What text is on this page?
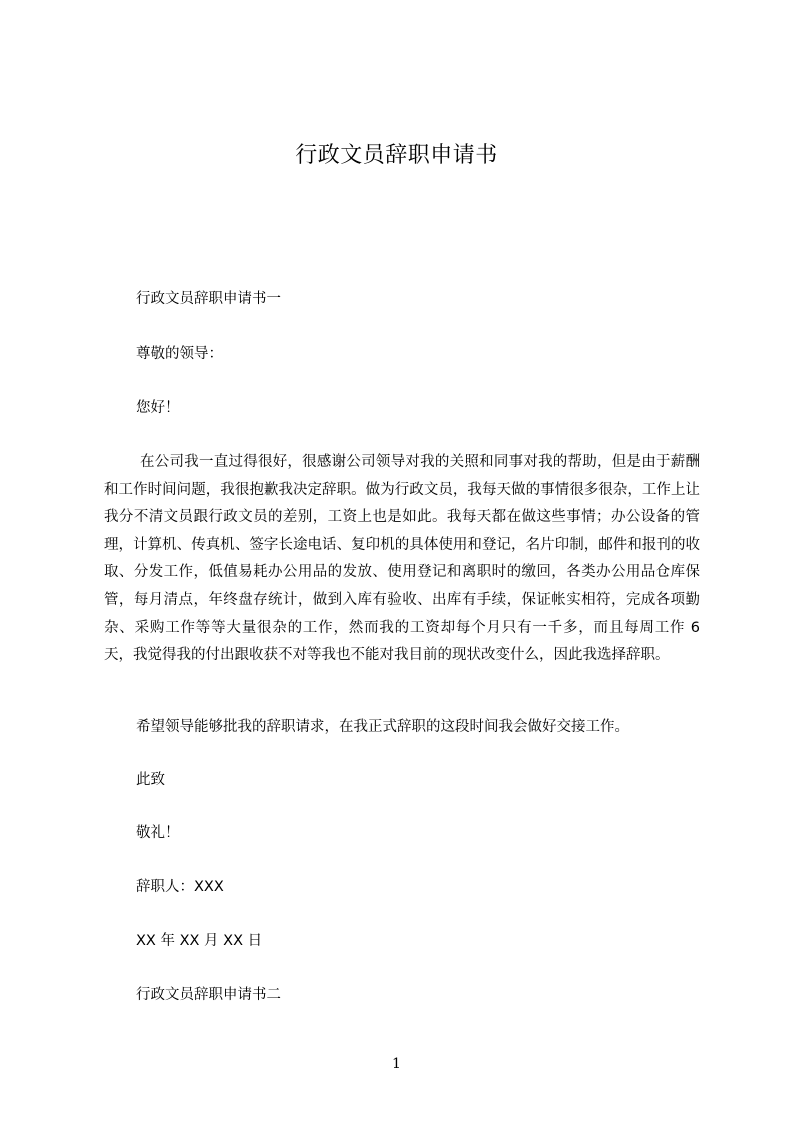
行政文员辞职申请书
行政文员辞职申请书一
尊敬的领导：
您好！
在公司我一直过得很好，很感谢公司领导对我的关照和同事对我的帮助，但是由于薪酬和工作时间问题，我很抱歉我决定辞职。做为行政文员，我每天做的事情很多很杂，工作上让我分不清文员跟行政文员的差别，工资上也是如此。我每天都在做这些事情；办公设备的管理，计算机、传真机、签字长途电话、复印机的具体使用和登记，名片印制，邮件和报刊的收取、分发工作，低值易耗办公用品的发放、使用登记和离职时的缴回，各类办公用品仓库保管，每月清点，年终盘存统计，做到入库有验收、出库有手续，保证帐实相符，完成各项勤杂、采购工作等等大量很杂的工作，然而我的工资却每个月只有一千多，而且每周工作 6 天，我觉得我的付出跟收获不对等我也不能对我目前的现状改变什么，因此我选择辞职。
希望领导能够批我的辞职请求，在我正式辞职的这段时间我会做好交接工作。
此致
敬礼！
辞职人：XXX
XX 年 XX 月 XX 日
行政文员辞职申请书二
1
